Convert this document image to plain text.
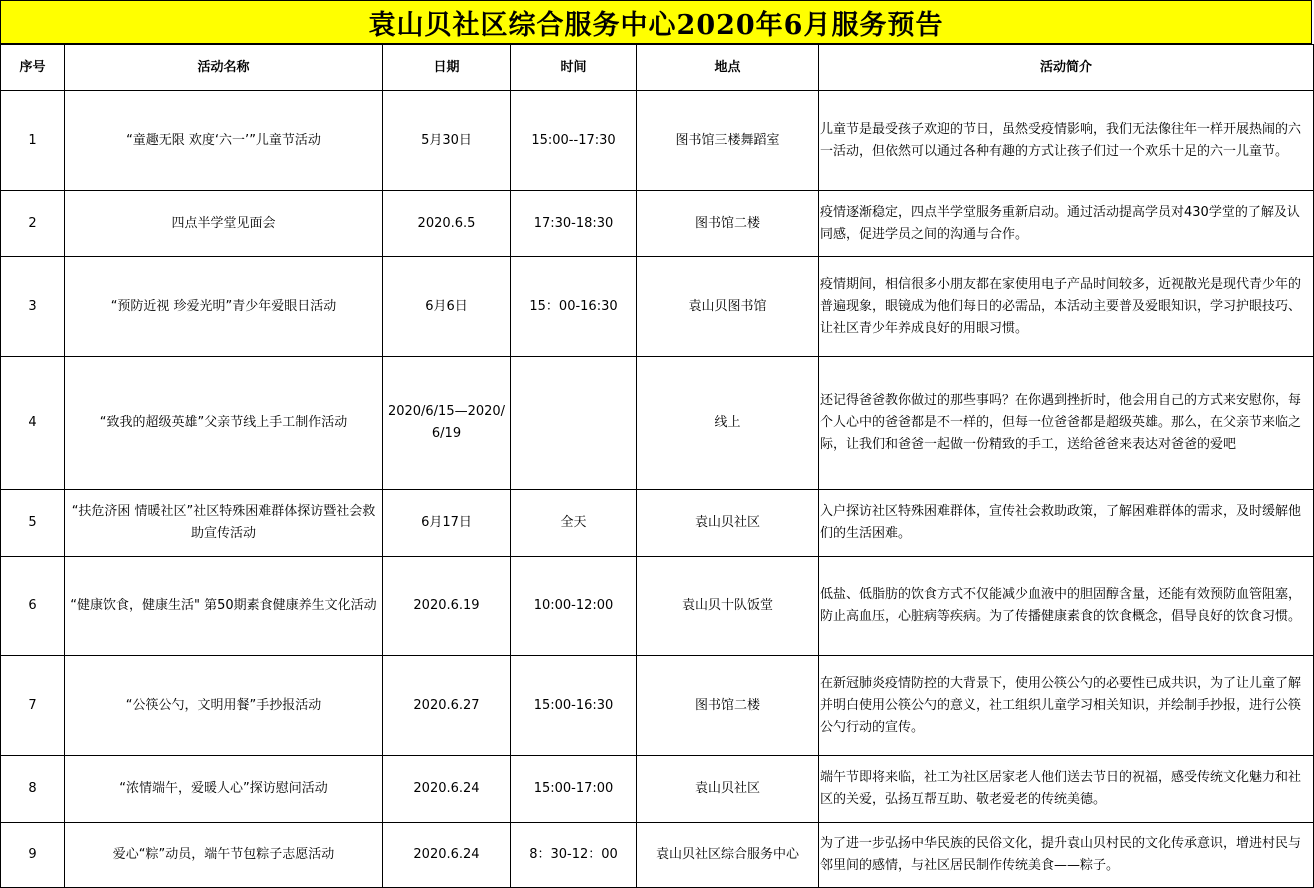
袁山贝社区综合服务中心2020年6月服务预告
序号	活动名称	日期	时间	地点	活动简介
1	“童趣无限 欢度‘六一’”儿童节活动	5月30日	15:00--17:30	图书馆三楼舞蹈室	儿童节是最受孩子欢迎的节日，虽然受疫情影响，我们无法像往年一样开展热闹的六一活动，但依然可以通过各种有趣的方式让孩子们过一个欢乐十足的六一儿童节。
2	四点半学堂见面会	2020.6.5	17:30-18:30	图书馆二楼	疫情逐渐稳定，四点半学堂服务重新启动。通过活动提高学员对430学堂的了解及认同感，促进学员之间的沟通与合作。
3	“预防近视 珍爱光明”青少年爱眼日活动	6月6日	15：00-16:30	袁山贝图书馆	疫情期间，相信很多小朋友都在家使用电子产品时间较多，近视散光是现代青少年的普遍现象，眼镜成为他们每日的必需品，本活动主要普及爱眼知识，学习护眼技巧、让社区青少年养成良好的用眼习惯。
4	“致我的超级英雄”父亲节线上手工制作活动	2020/6/15—2020/6/19		线上	还记得爸爸教你做过的那些事吗？在你遇到挫折时，他会用自己的方式来安慰你，每个人心中的爸爸都是不一样的，但每一位爸爸都是超级英雄。那么，在父亲节来临之际，让我们和爸爸一起做一份精致的手工，送给爸爸来表达对爸爸的爱吧
5	“扶危济困 情暖社区”社区特殊困难群体探访暨社会救助宣传活动	6月17日	全天	袁山贝社区	入户探访社区特殊困难群体，宣传社会救助政策，了解困难群体的需求，及时缓解他们的生活困难。
6	“健康饮食，健康生活" 第50期素食健康养生文化活动	2020.6.19	10:00-12:00	袁山贝十队饭堂	低盐、低脂肪的饮食方式不仅能减少血液中的胆固醇含量，还能有效预防血管阻塞，防止高血压，心脏病等疾病。为了传播健康素食的饮食概念，倡导良好的饮食习惯。
7	“公筷公勺，文明用餐”手抄报活动	2020.6.27	15:00-16:30	图书馆二楼	在新冠肺炎疫情防控的大背景下，使用公筷公勺的必要性已成共识，为了让儿童了解并明白使用公筷公勺的意义，社工组织儿童学习相关知识，并绘制手抄报，进行公筷公勺行动的宣传。
8	“浓情端午，爱暖人心”探访慰问活动	2020.6.24	15:00-17:00	袁山贝社区	端午节即将来临，社工为社区居家老人他们送去节日的祝福，感受传统文化魅力和社区的关爱，弘扬互帮互助、敬老爱老的传统美德。
9	爱心“粽”动员，端午节包粽子志愿活动	2020.6.24	8：30-12：00	袁山贝社区综合服务中心	为了进一步弘扬中华民族的民俗文化，提升袁山贝村民的文化传承意识，增进村民与邻里间的感情，与社区居民制作传统美食——粽子。
